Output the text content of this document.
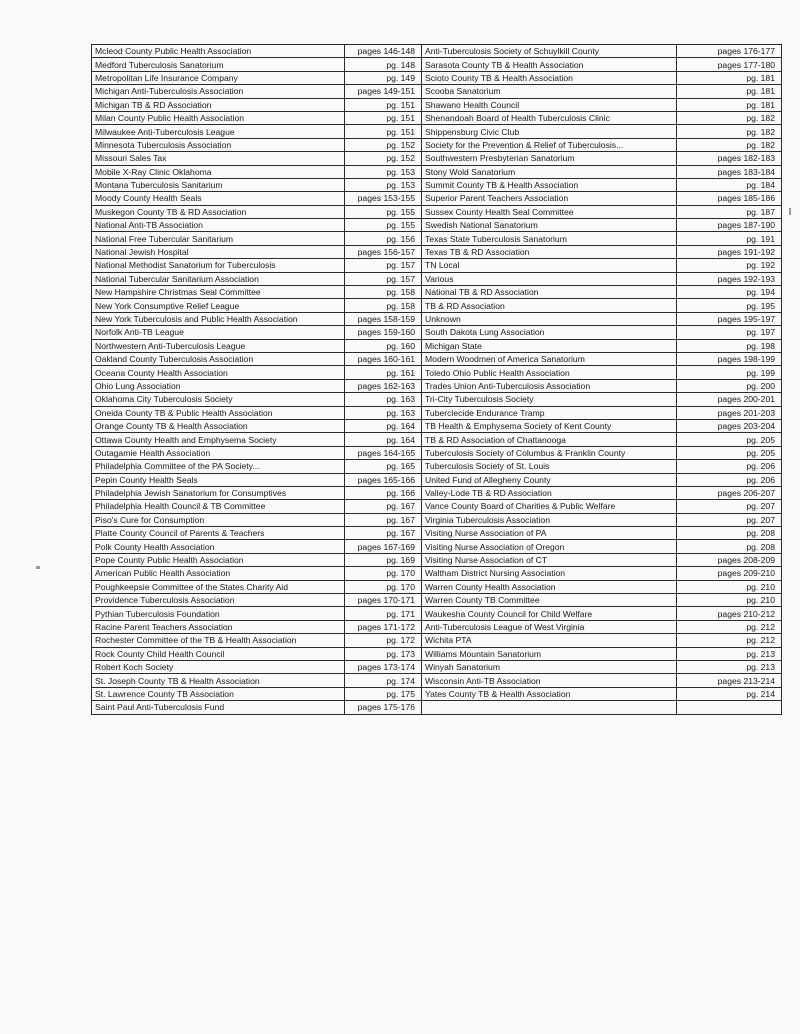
Mcleod County Public Health Association	pages 146-148
Medford Tuberculosis Sanatorium	pg. 148
Metropolitan Life Insurance Company	pg. 149
Michigan Anti-Tuberculosis Association	pages 149-151
Michigan TB & RD Association	pg. 151
Milan County Public Health Association	pg. 151
Milwaukee Anti-Tuberculosis League	pg. 151
Minnesota Tuberculosis Association	pg. 152
Missouri Sales Tax	pg. 152
Mobile X-Ray Clinic Oklahoma	pg. 153
Montana Tuberculosis Sanitarium	pg. 153
Moody County Health Seals	pages 153-155
Muskegon County TB & RD Association	pg. 155
National Anti-TB Association	pg. 155
National Free Tubercular Sanitarium	pg. 156
National Jewish Hospital	pages 156-157
National Methodist Sanatorium for Tuberculosis	pg. 157
National Tubercular Sanitarium Association	pg. 157
New Hampshire Christmas Seal Committee	pg. 158
New York Consumptive Relief League	pg. 158
New York Tuberculosis and Public Health Association	pages 158-159
Norfolk Anti-TB League	pages 159-160
Northwestern Anti-Tuberculosis League	pg. 160
Oakland County Tuberculosis Association	pages 160-161
Oceana County Health Association	pg. 161
Ohio Lung Association	pages 162-163
Oklahoma City Tuberculosis Society	pg. 163
Oneida County TB & Public Health Association	pg. 163
Orange County TB & Health Association	pg. 164
Ottawa County Health and Emphysema Society	pg. 164
Outagamie Health Association	pages 164-165
Philadelphia Committee of the PA Society...	pg. 165
Pepin County Health Seals	pages 165-166
Philadelphia Jewish Sanatorium for Consumptives	pg. 166
Philadelphia Health Council & TB Committee	pg. 167
Piso's Cure for Consumption	pg. 167
Platte County Council of Parents & Teachers	pg. 167
Polk County Health Association	pages 167-169
Pope County Public Health Association	pg. 169
American Public Health Association	pg. 170
Poughkeepsie Committee of the States Charity Aid	pg. 170
Providence Tuberculosis Association	pages 170-171
Pythian Tuberculosis Foundation	pg. 171
Racine Parent Teachers Association	pages 171-172
Rochester Committee of the TB & Health Association	pg. 172
Rock County Child Health Council	pg. 173
Robert Koch Society	pages 173-174
St. Joseph County TB & Health Association	pg. 174
St. Lawrence County TB Association	pg. 175
Saint Paul Anti-Tuberculosis Fund	pages 175-176
Anti-Tuberculosis Society of Schuylkill County	pages 176-177
Sarasota County TB & Health Association	pages 177-180
Scioto County TB & Health Association	pg. 181
Scooba Sanatorium	pg. 181
Shawano Health Council	pg. 181
Shenandoah Board of Health Tuberculosis Clinic	pg. 182
Shippensburg Civic Club	pg. 182
Society for the Prevention & Relief of Tuberculosis...	pg. 182
Southwestern Presbyterian Sanatorium	pages 182-183
Stony Wold Sanatorium	pages 183-184
Summit County TB & Health Association	pg. 184
Superior Parent Teachers Association	pages 185-186
Sussex County Health Seal Committee	pg. 187
Swedish National Sanatorium	pages 187-190
Texas State Tuberculosis Sanatorium	pg. 191
Texas TB & RD Association	pages 191-192
TN Local	pg. 192
Various	pages 192-193
National TB & RD Association	pg. 194
TB & RD Association	pg. 195
Unknown	pages 195-197
South Dakota Lung Association	pg. 197
Michigan State	pg. 198
Modern Woodmen of America Sanatorium	pages 198-199
Toledo Ohio Public Health Association	pg. 199
Trades Union Anti-Tuberculosis Association	pg. 200
Tri-City Tuberculosis Society	pages 200-201
Tuberclecide Endurance Tramp	pages 201-203
TB Health & Emphysema Society of Kent County	pages 203-204
TB & RD Association of Chattanooga	pg. 205
Tuberculosis Society of Columbus & Franklin County	pg. 205
Tuberculosis Society of St. Louis	pg. 206
United Fund of Allegheny County	pg. 206
Valley-Lode TB & RD Association	pages 206-207
Vance County Board of Charities & Public Welfare	pg. 207
Virginia Tuberculosis Association	pg. 207
Visiting Nurse Association of PA	pg. 208
Visiting Nurse Association of Oregon	pg. 208
Visiting Nurse Association of CT	pages 208-209
Waltham District Nursing Association	pages 209-210
Warren County Health Association	pg. 210
Warren County TB Committee	pg. 210
Waukesha County Council for Child Welfare	pages 210-212
Anti-Tuberculosis League of West Virginia	pg. 212
Wichita PTA	pg. 212
Williams Mountain Sanatorium	pg. 213
Winyah Sanatorium	pg. 213
Wisconsin Anti-TB Association	pages 213-214
Yates County TB & Health Association	pg. 214
